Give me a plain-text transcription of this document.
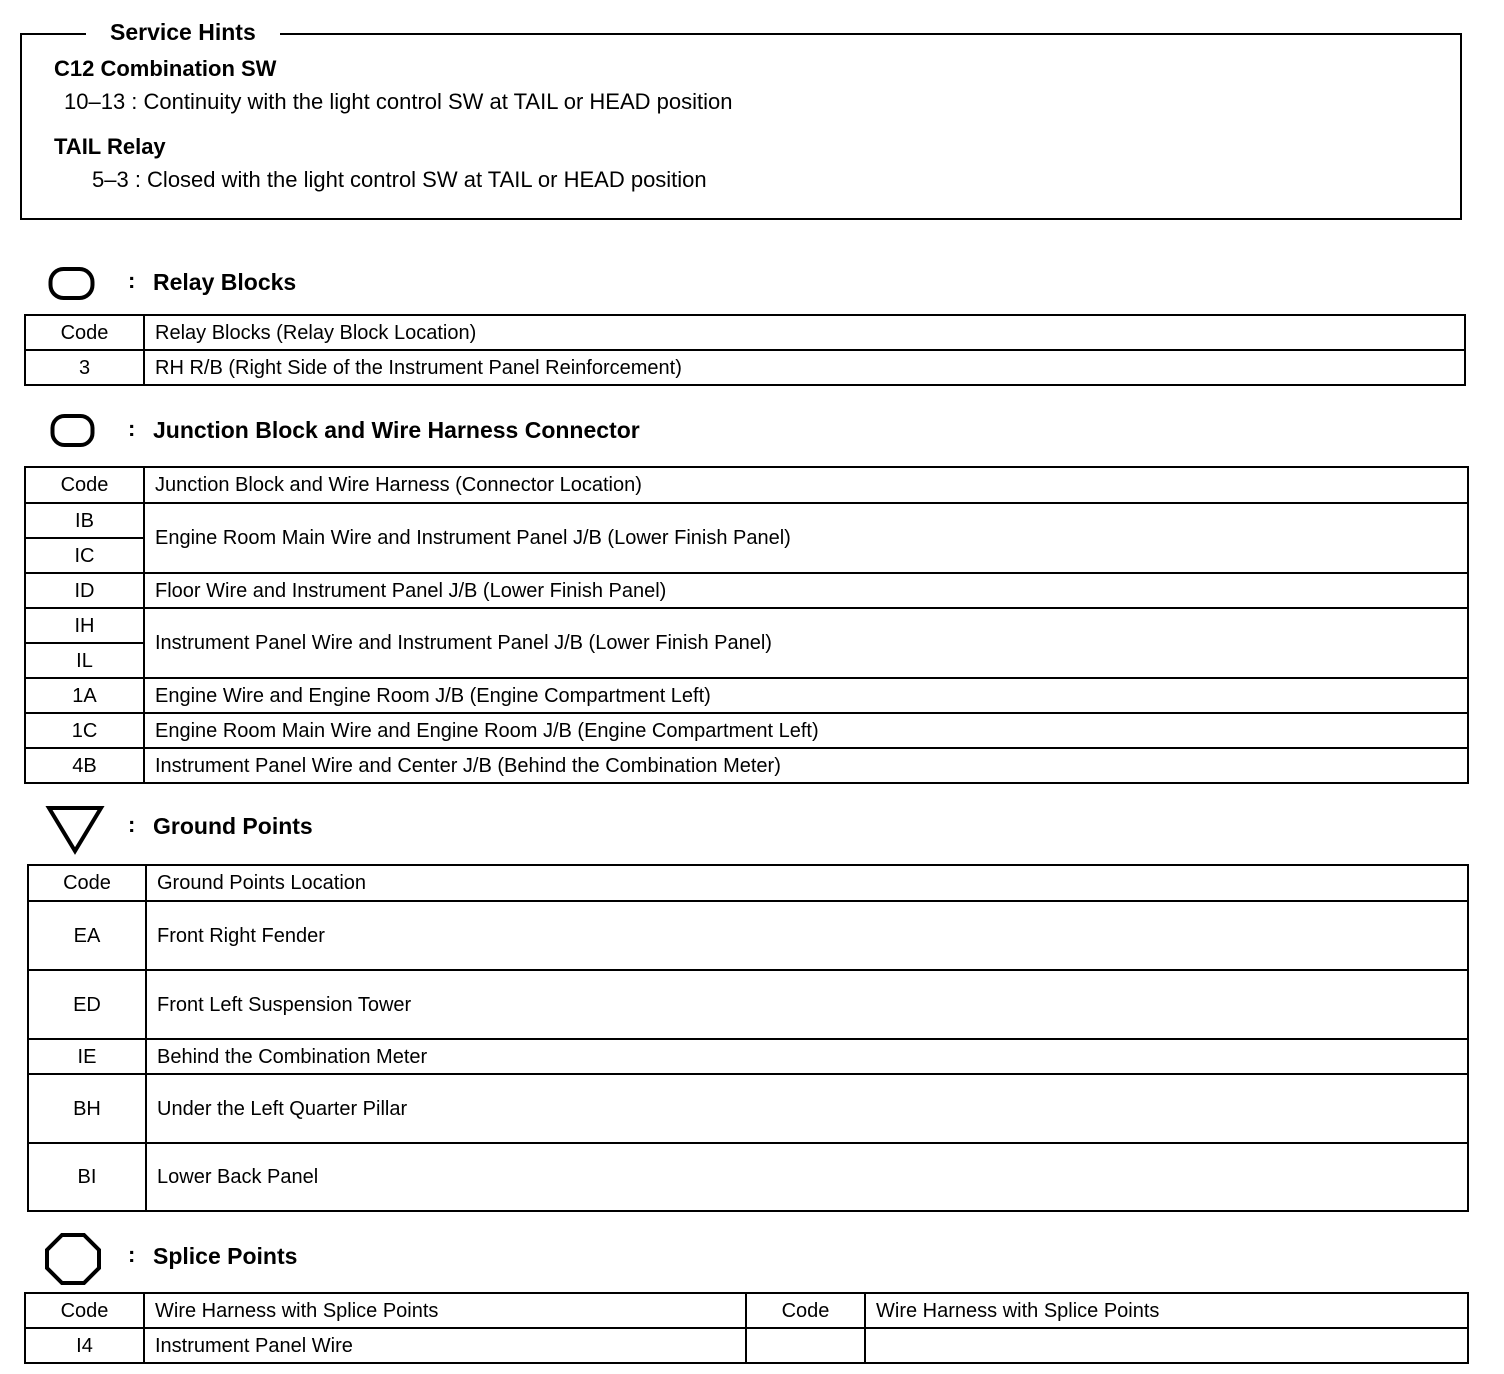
Service Hints
C12 Combination SW
10–13 : Continuity with the light control SW at TAIL or HEAD position
TAIL Relay
5–3 : Closed with the light control SW at TAIL or HEAD position
: Relay Blocks
Code	Relay Blocks (Relay Block Location)
3	RH R/B (Right Side of the Instrument Panel Reinforcement)
: Junction Block and Wire Harness Connector
Code	Junction Block and Wire Harness (Connector Location)
IB	Engine Room Main Wire and Instrument Panel J/B (Lower Finish Panel)
IC	
ID	Floor Wire and Instrument Panel J/B (Lower Finish Panel)
IH	Instrument Panel Wire and Instrument Panel J/B (Lower Finish Panel)
IL	
1A	Engine Wire and Engine Room J/B (Engine Compartment Left)
1C	Engine Room Main Wire and Engine Room J/B (Engine Compartment Left)
4B	Instrument Panel Wire and Center J/B (Behind the Combination Meter)
: Ground Points
Code	Ground Points Location
EA	Front Right Fender
ED	Front Left Suspension Tower
IE	Behind the Combination Meter
BH	Under the Left Quarter Pillar
BI	Lower Back Panel
: Splice Points
Code	Wire Harness with Splice Points	Code	Wire Harness with Splice Points
I4	Instrument Panel Wire		
